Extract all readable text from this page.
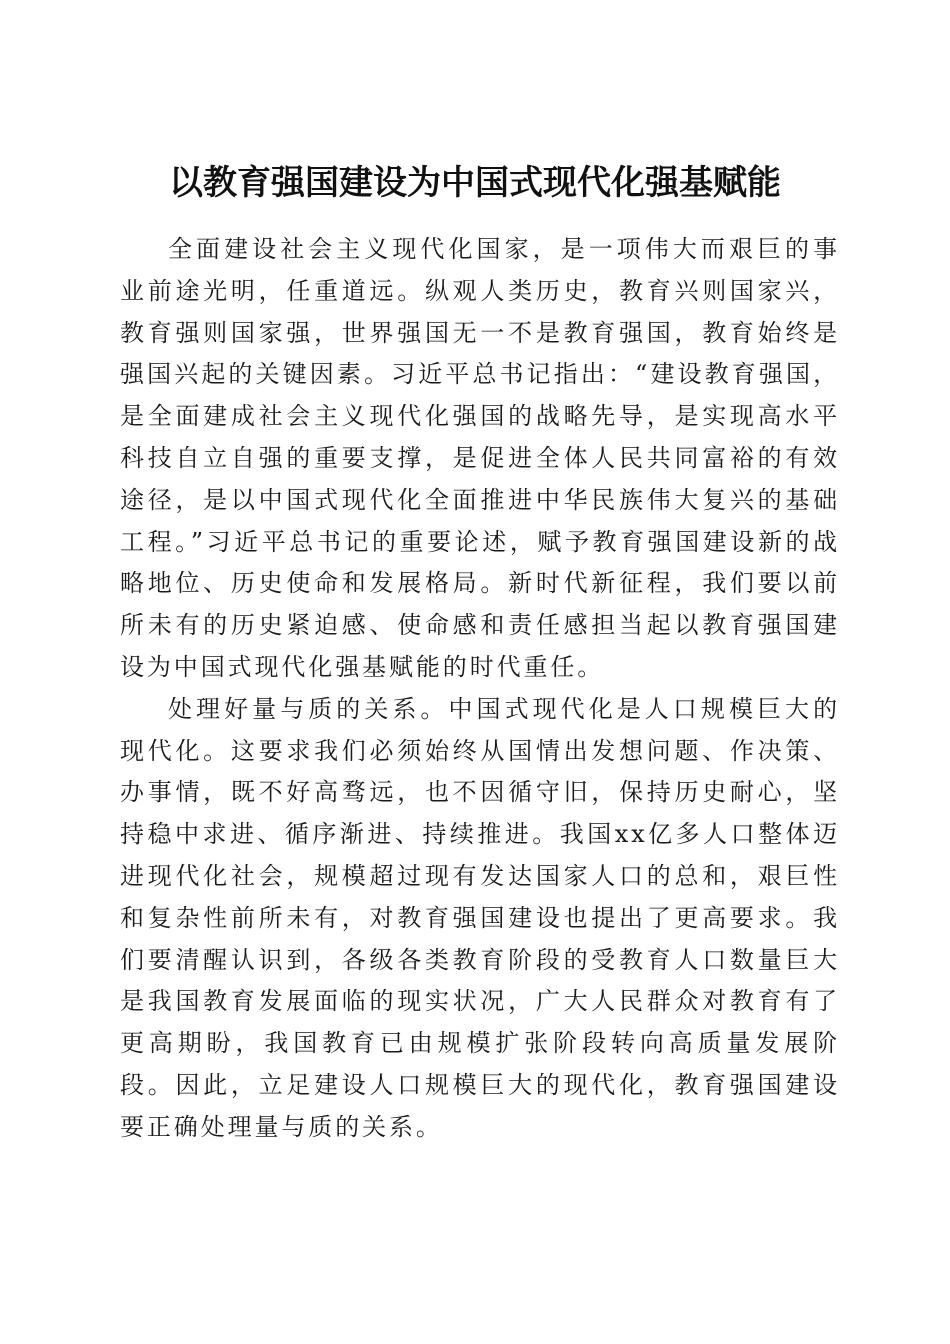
以教育强国建设为中国式现代化强基赋能

全面建设社会主义现代化国家，是一项伟大而艰巨的事业前途光明，任重道远。纵观人类历史，教育兴则国家兴，教育强则国家强，世界强国无一不是教育强国，教育始终是强国兴起的关键因素。习近平总书记指出：“建设教育强国，是全面建成社会主义现代化强国的战略先导，是实现高水平科技自立自强的重要支撑，是促进全体人民共同富裕的有效途径，是以中国式现代化全面推进中华民族伟大复兴的基础工程。”习近平总书记的重要论述，赋予教育强国建设新的战略地位、历史使命和发展格局。新时代新征程，我们要以前所未有的历史紧迫感、使命感和责任感担当起以教育强国建设为中国式现代化强基赋能的时代重任。

处理好量与质的关系。中国式现代化是人口规模巨大的现代化。这要求我们必须始终从国情出发想问题、作决策、办事情，既不好高骛远，也不因循守旧，保持历史耐心，坚持稳中求进、循序渐进、持续推进。我国xx亿多人口整体迈进现代化社会，规模超过现有发达国家人口的总和，艰巨性和复杂性前所未有，对教育强国建设也提出了更高要求。我们要清醒认识到，各级各类教育阶段的受教育人口数量巨大是我国教育发展面临的现实状况，广大人民群众对教育有了更高期盼，我国教育已由规模扩张阶段转向高质量发展阶段。因此，立足建设人口规模巨大的现代化，教育强国建设要正确处理量与质的关系。
